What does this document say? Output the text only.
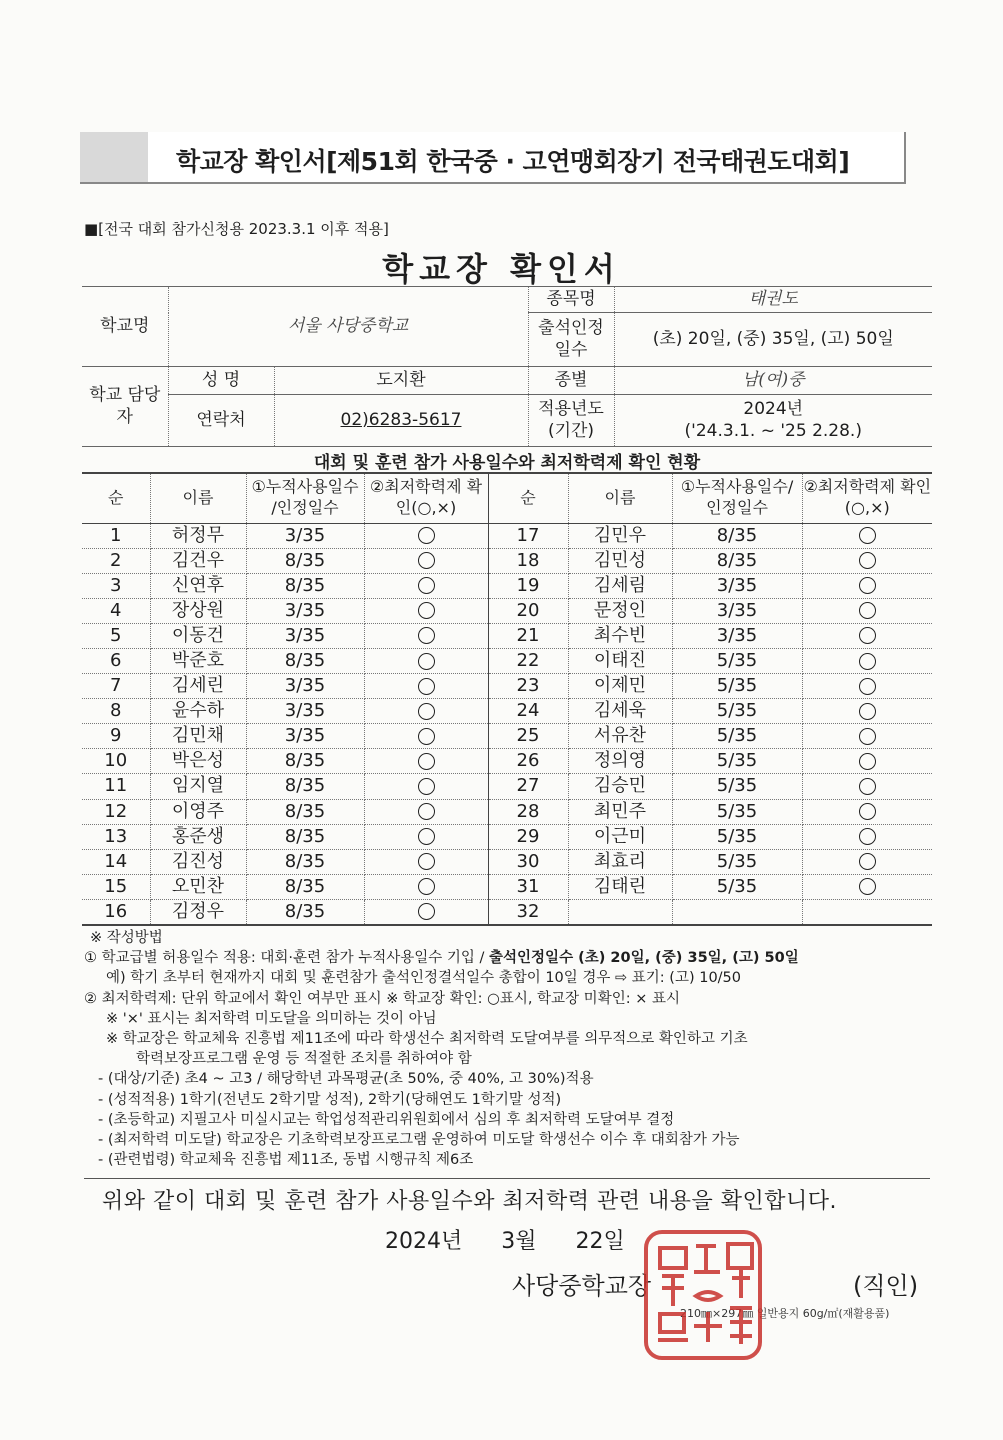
학교장 확인서[제51회 한국중 · 고연맹회장기 전국태권도대회]
■[전국 대회 참가신청용 2023.3.1 이후 적용]
학교장 확인서
학교명	서울 사당중학교		종목명	태권도
			출석인정 일수	(초) 20일, (중) 35일, (고) 50일
학교 담당자	성 명	도지환	종별	남(여)중
	연락처	02)6283-5617	적용년도 (기간)	2024년
('24.3.1. ~ '25 2.28.)
대회 및 훈련 참가 사용일수와 최저학력제 확인 현황
순	이름	①누적사용일수 /인정일수	②최저학력제 확인(○,×)	순	이름	①누적사용일수/ 인정일수	②최저학력제 확인(○,×)
1	허정무	3/35		17	김민우	8/35	
2	김건우	8/35		18	김민성	8/35	
3	신연후	8/35		19	김세림	3/35	
4	장상원	3/35		20	문정인	3/35	
5	이동건	3/35		21	최수빈	3/35	
6	박준호	8/35		22	이태진	5/35	
7	김세린	3/35		23	이제민	5/35	
8	윤수하	3/35		24	김세욱	5/35	
9	김민채	3/35		25	서유찬	5/35	
10	박은성	8/35		26	정의영	5/35	
11	임지열	8/35		27	김승민	5/35	
12	이영주	8/35		28	최민주	5/35	
13	홍준생	8/35		29	이근미	5/35	
14	김진성	8/35		30	최효리	5/35	
15	오민찬	8/35		31	김태린	5/35	
16	김정우	8/35		32			

※ 작성방법

① 학교급별 허용일수 적용: 대회·훈련 참가 누적사용일수 기입 / 출석인정일수 (초) 20일, (중) 35일, (고) 50일

예) 학기 초부터 현재까지 대회 및 훈련참가 출석인정결석일수 총합이 10일 경우 ⇨ 표기: (고) 10/50

② 최저학력제: 단위 학교에서 확인 여부만 표시 ※ 학교장 확인: ○표시, 학교장 미확인: × 표시

※ '×' 표시는 최저학력 미도달을 의미하는 것이 아님

※ 학교장은 학교체육 진흥법 제11조에 따라 학생선수 최저학력 도달여부를 의무적으로 확인하고 기초

학력보장프로그램 운영 등 적절한 조치를 취하여야 함

- (대상/기준) 초4 ~ 고3 / 해당학년 과목평균(초 50%, 중 40%, 고 30%)적용

- (성적적용) 1학기(전년도 2학기말 성적), 2학기(당해연도 1학기말 성적)

- (초등학교) 지필고사 미실시교는 학업성적관리위원회에서 심의 후 최저학력 도달여부 결정

- (최저학력 미도달) 학교장은 기초학력보장프로그램 운영하여 미도달 학생선수 이수 후 대회참가 가능

- (관련법령) 학교체육 진흥법 제11조, 동법 시행규칙 제6조

위와 같이 대회 및 훈련 참가 사용일수와 최저학력 관련 내용을 확인합니다.
2024년 3월 22일
사당중학교장	(직인)
210㎜×297㎜ 일반용지 60g/㎡(재활용품)
